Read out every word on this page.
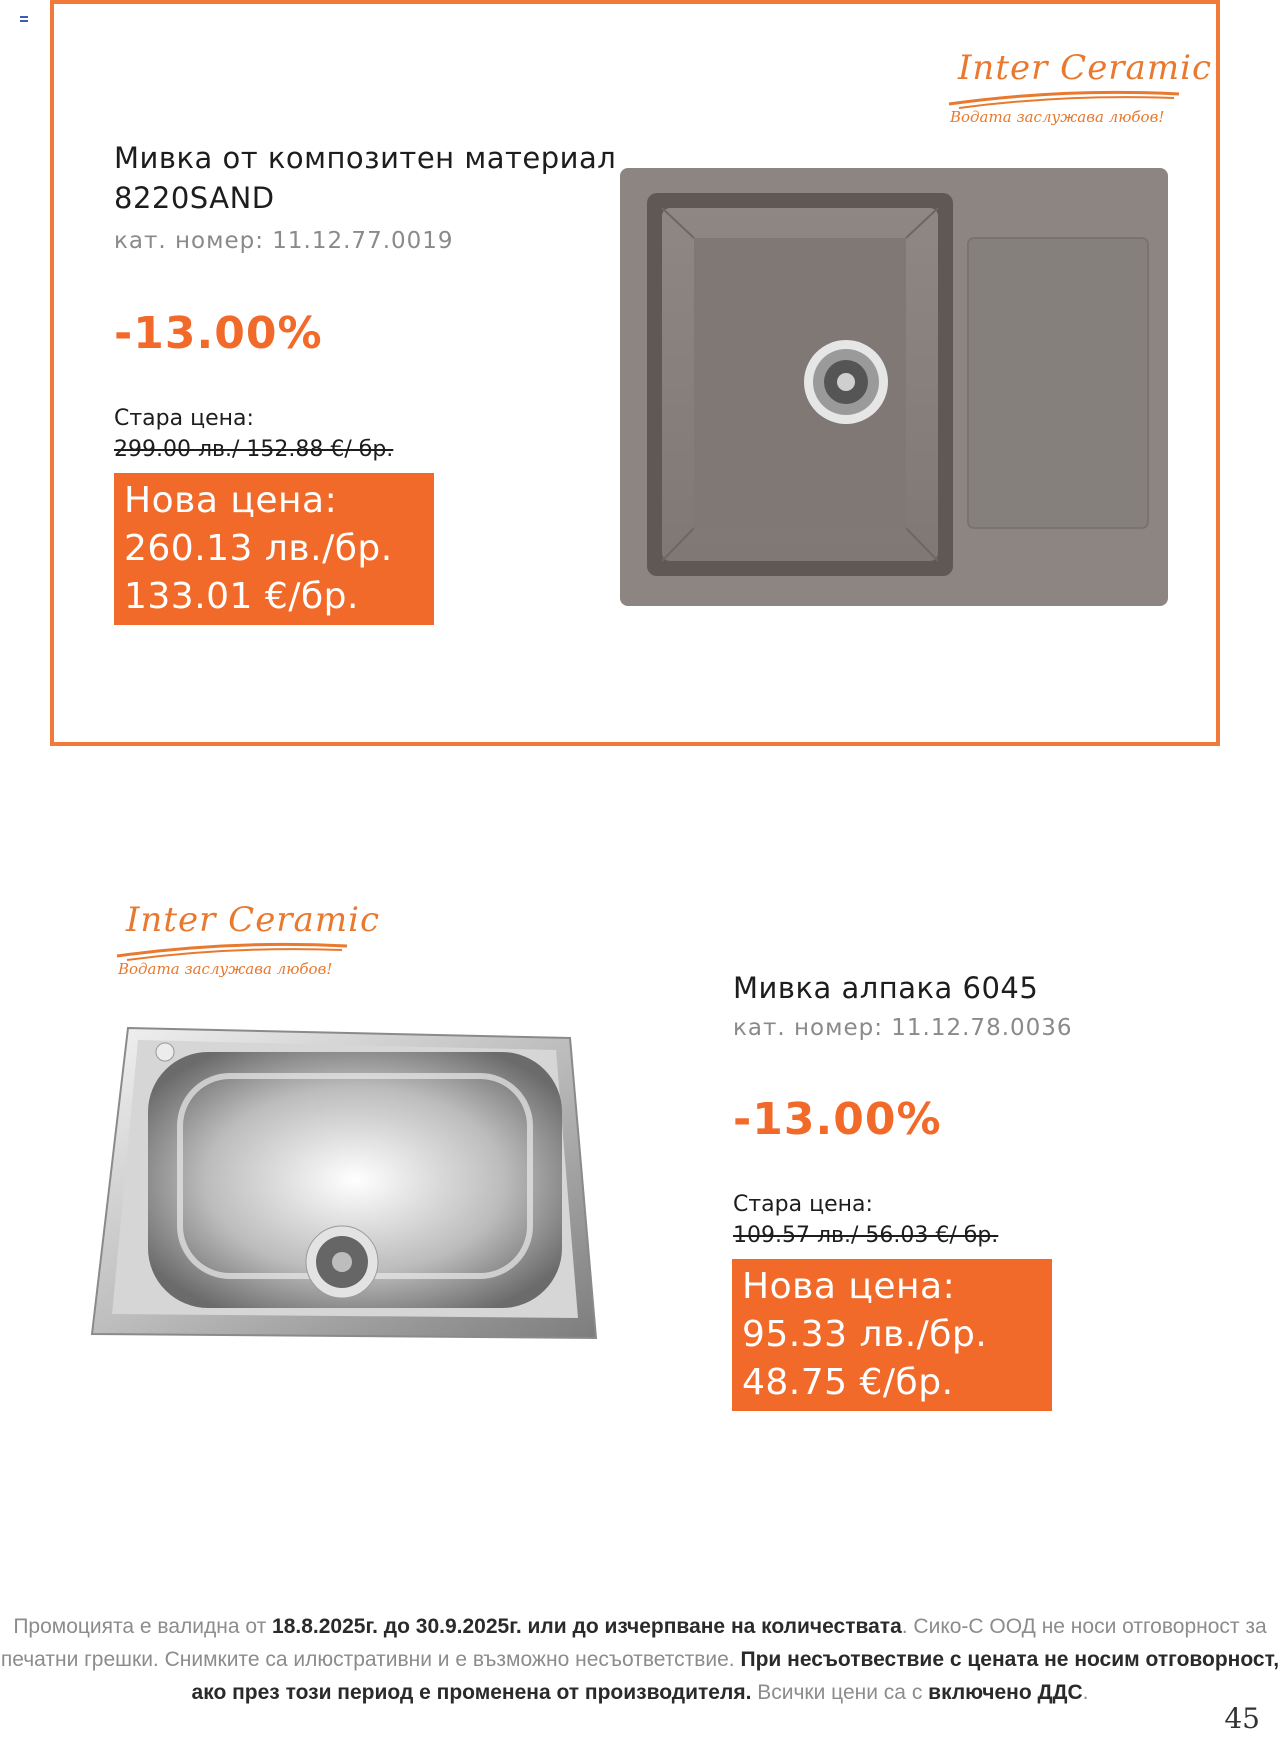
Inter Ceramic
Водата заслужава любов!
Мивка от композитен материал
8220SAND
кат. номер: 11.12.77.0019
-13.00%
Стара цена:
299.00 лв./ 152.88 €/ бр.
Нова цена:
260.13 лв./бр.
133.01 €/бр.
Inter Ceramic
Водата заслужава любов!
Мивка алпака 6045
кат. номер: 11.12.78.0036
-13.00%
Стара цена:
109.57 лв./ 56.03 €/ бр.
Нова цена:
95.33 лв./бр.
48.75 €/бр.
Промоцията е валидна от 18.8.2025г. до 30.9.2025г. или до изчерпване на количествата. Сико-С ООД не носи отговорност за печатни грешки. Снимките са илюстративни и е възможно несъответствие. При несъотвествие с цената не носим отговорност, ако през този период е променена от производителя. Всички цени са с включено ДДС.
45
